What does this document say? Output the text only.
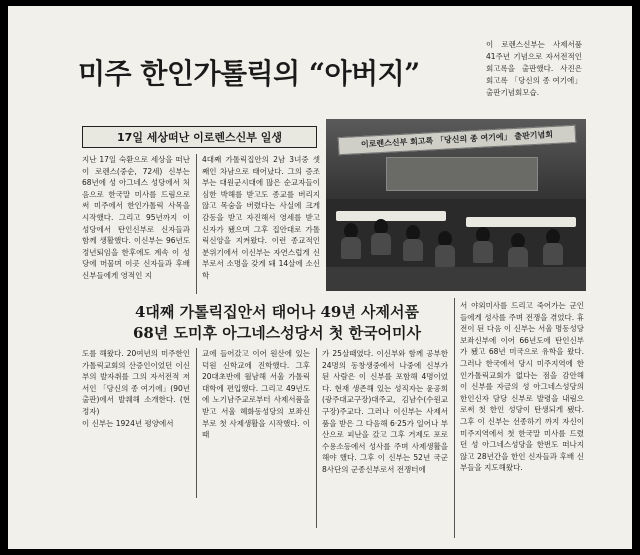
미주 한인가톨릭의 “아버지”
이 로렌스신부는 사제서품 41주년 기념으로 자서전적인 회고록을 출판했다. 사진은 회고록 「당신의 종 여기에」 출판기념회모습.
17일 세상떠난 이로렌스신부 일생	이로렌스신부 회고록 「당신의 종 여기에」 출판기념회
지난 17일 숙환으로 세상을 떠난 이 로렌스(중순, 72세) 신부는 68년에 성 아그네스 성당에서 처음으로 한국말 미사를 드림으로써 미주에서 한인가톨릭 사목을 시작했다. 그리고 95년까지 이 성당에서 탄인신부로 신자들과 함께 생활했다. 이신부는 96년도 정년퇴임을 한후에도 계속 이 성당에 머물며 이곳 신자들과 후배신부들에게 영적인 지
4대째 가톨릭집안의 2남 3녀중 셋째인 차남으로 태어났다. 그의 증조부는 대원군시대에 많은 순교자들이 심한 박해를 받고도 종교를 버리지 않고 목숨을 버렸다는 사실에 크게 감동을 받고 자진해서 영세를 받고 신자가 됐으며 그후 집안대로 가톨릭신앙을 지켜왔다. 이런 종교적인 분위기에서 이신부는 자연스럽게 신부로서 소명을 갖게 돼 14살에 소신학
4대째 가톨릭집안서 태어나 49년 사제서품
68년 도미후 아그네스성당서 첫 한국어미사
도를 해왔다. 20여년의 미주한인 가톨릭교회의 산증인이었던 이신부의 발자취를 그의 자서전적 저서인 「당신의 종 여기에」(90년 출판)에서 발췌해 소개한다. (현정자)
이 신부는 1924년 평양에서
교에 들어갔고 이어 원산에 있는 덕원 신학교에 진학했다. 그후 20대초반에 월남해 서울 가톨릭대학에 편입했다. 그리고 49년도에 노기남주교로부터 사제서품을 받고 서울 혜화동성당의 보좌신부로 첫 사제생활을 시작했다. 이때
가 25살때였다. 이신부와 함께 공부한 24명의 동창생중에서 나중에 신부가 된 사람은 이 신부를 포함해 4명이었다. 현재 생존해 있는 성직자는 윤공희(광주대교구장)대주교, 김남수(수원교구장)주교다. 그러나 이신부는 사제서품을 받은 그 다음해 6·25가 일어나 부산으로 피난을 갔고 그후 거제도 포로수용소등에서 성사를 주며 사제생활을 해야 했다. 그후 이 신부는 52년 국군 8사단의 군종신부로서 전쟁터에
서 야외미사를 드리고 죽어가는 군인들에게 성사를 주며 전쟁을 겪었다. 휴전이 된 다음 이 신부는 서울 명동성당 보좌신부에 이어 66년도에 탄인신부가 됐고 68년 미국으로 유학을 왔다. 그러나 한국에서 당시 미주지역에 한인가톨릭교회가 없다는 점을 감안해 이 신부를 자금의 성 아그네스성당의 한인신자 담당 신부로 발령을 내림으로써 첫 한인 성당이 탄생되게 됐다. 그후 이 신부는 선종하기 까지 자신이 미주지역에서 첫 한국말 미사를 드렸던 성 아그네스성당을 한번도 떠나지 않고 28년간을 한인 신자들과 후배 신부들을 지도해왔다.
